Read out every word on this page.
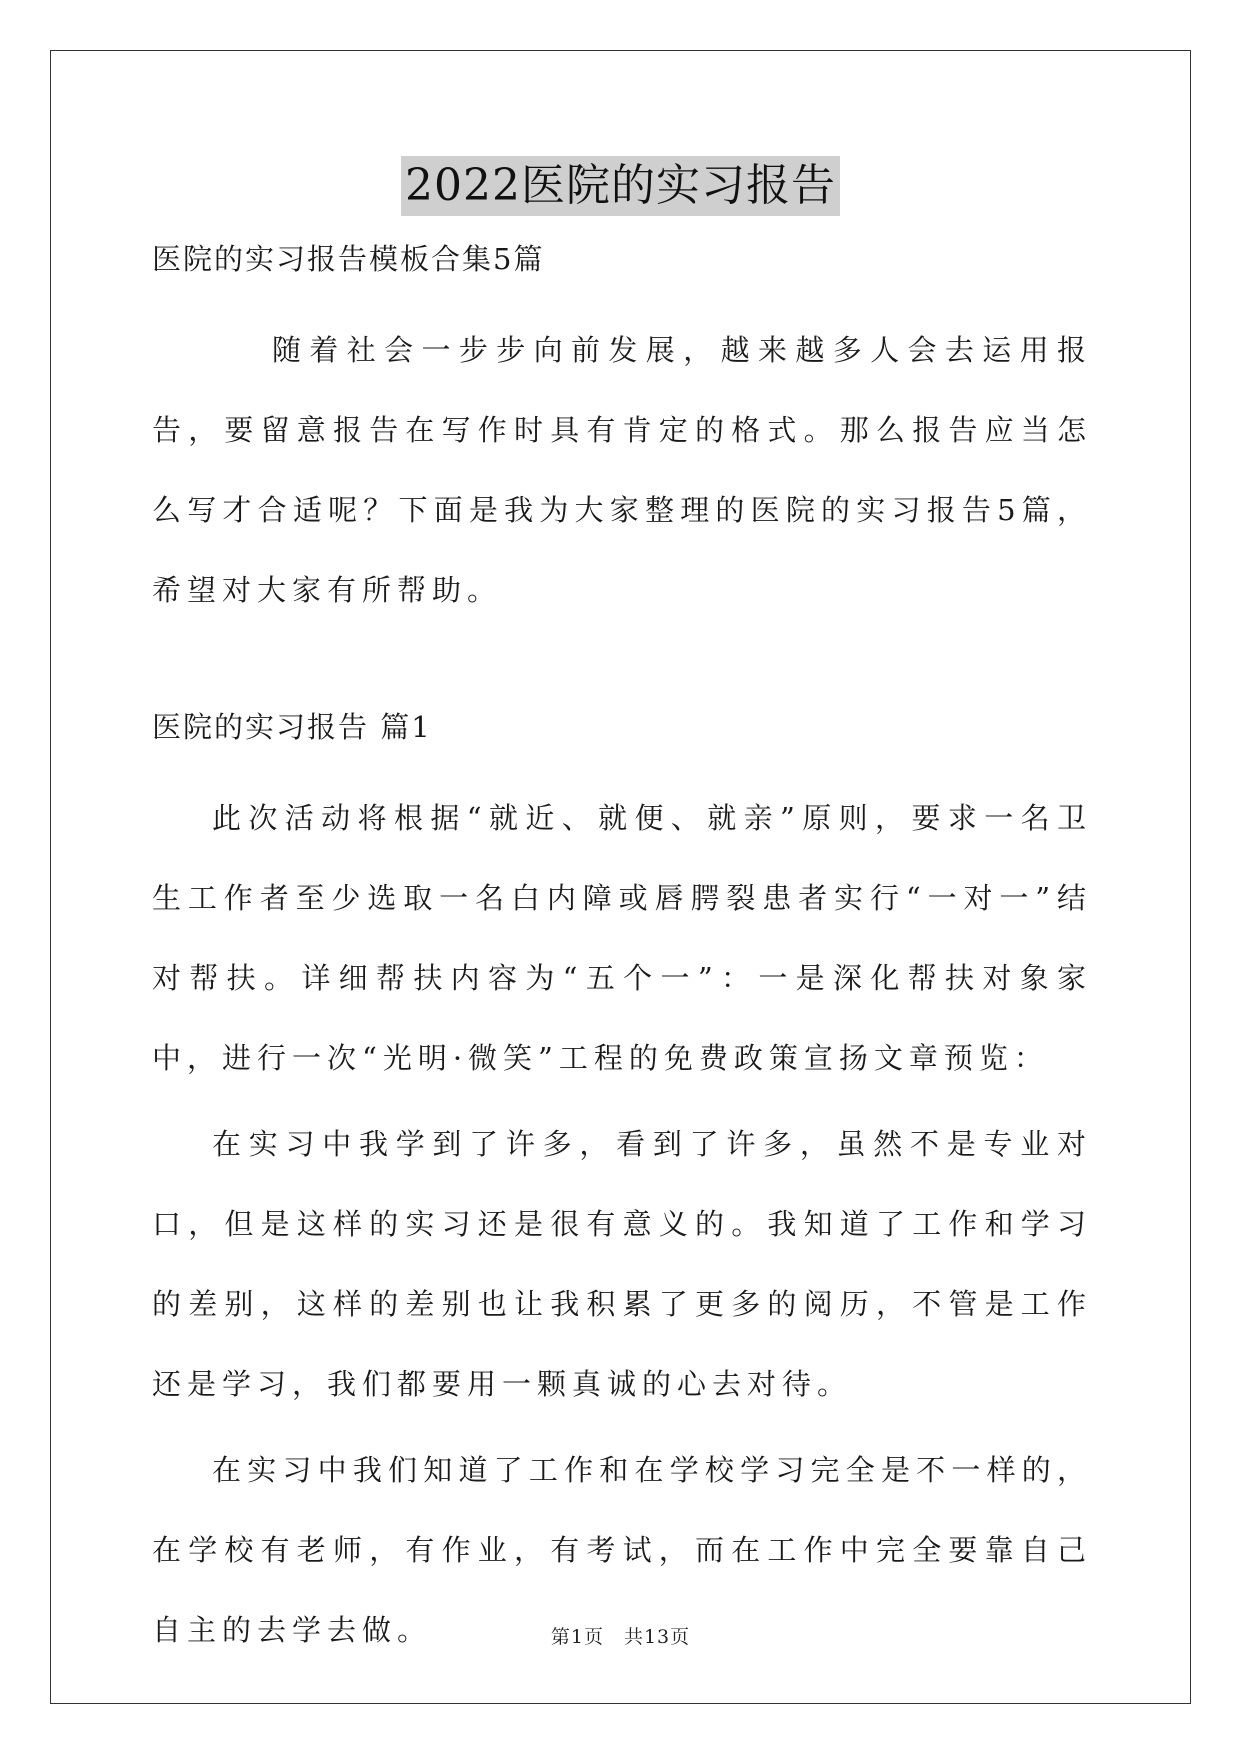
2022医院的实习报告

医院的实习报告模板合集5篇

随着社会一步步向前发展，越来越多人会去运用报告，要留意报告在写作时具有肯定的格式。那么报告应当怎么写才合适呢？下面是我为大家整理的医院的实习报告5篇，希望对大家有所帮助。

医院的实习报告 篇1

此次活动将根据“就近、就便、就亲”原则，要求一名卫生工作者至少选取一名白内障或唇腭裂患者实行“一对一”结对帮扶。详细帮扶内容为“五个一”：一是深化帮扶对象家中，进行一次“光明·微笑”工程的免费政策宣扬文章预览：

在实习中我学到了许多，看到了许多，虽然不是专业对口，但是这样的实习还是很有意义的。我知道了工作和学习的差别，这样的差别也让我积累了更多的阅历，不管是工作还是学习，我们都要用一颗真诚的心去对待。

在实习中我们知道了工作和在学校学习完全是不一样的，在学校有老师，有作业，有考试，而在工作中完全要靠自己自主的去学去做。	第1页　共13页
